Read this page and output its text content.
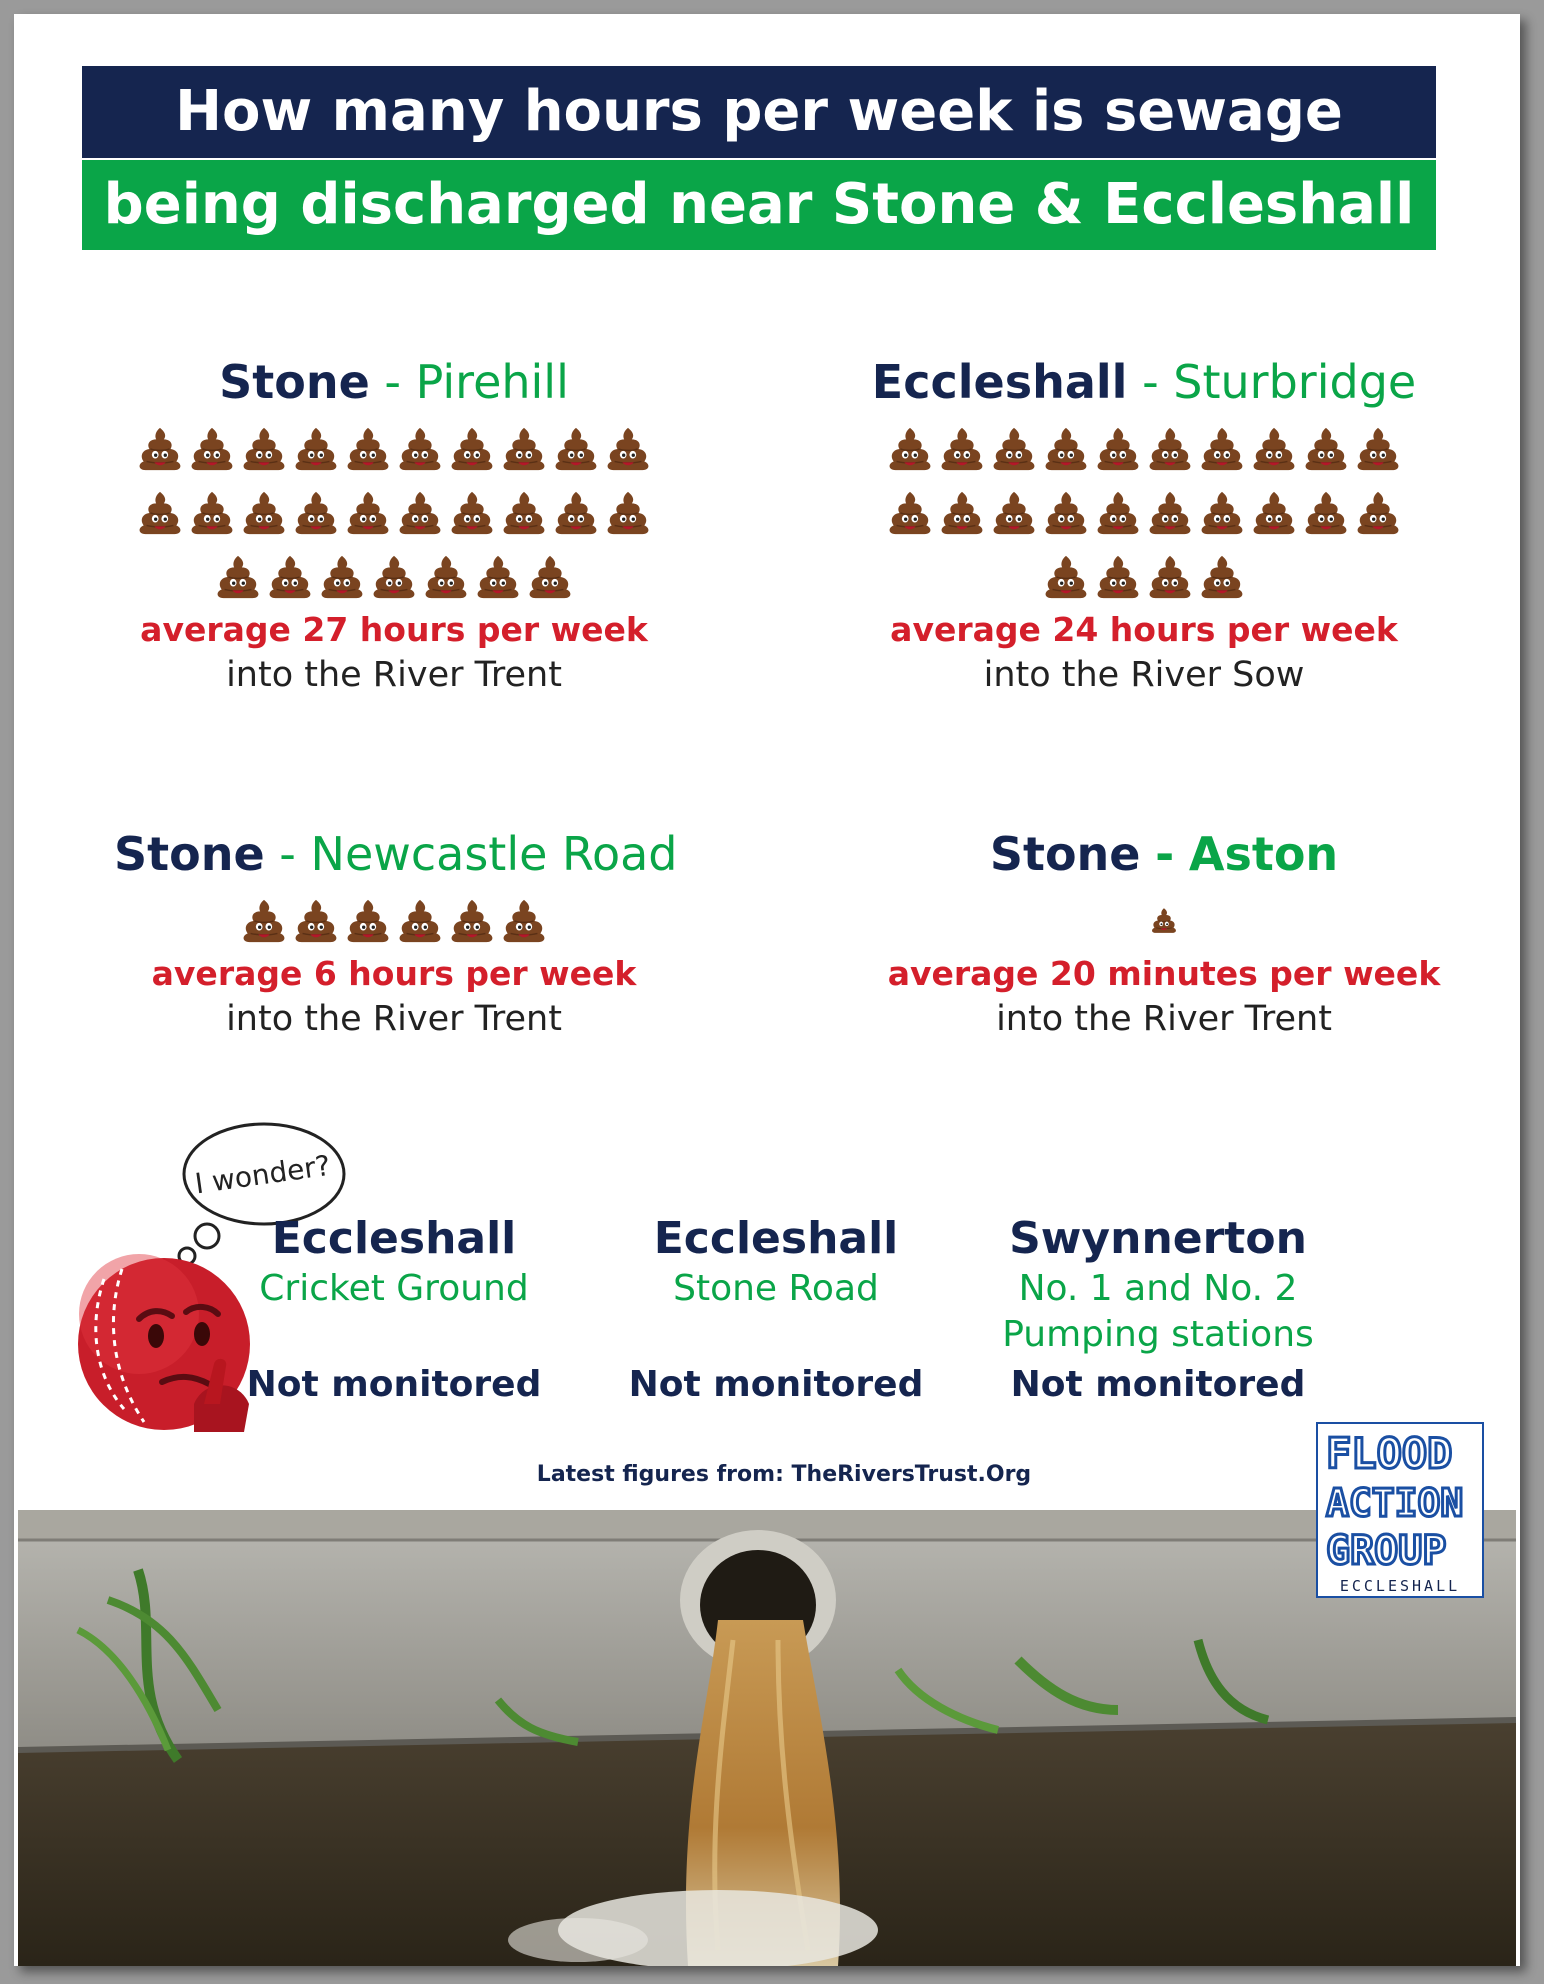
How many hours per week is sewage
being discharged near Stone & Eccleshall
Stone - Pirehill
average 27 hours per week
into the River Trent
Eccleshall - Sturbridge
average 24 hours per week
into the River Sow
Stone - Newcastle Road
average 6 hours per week
into the River Trent
Stone - Aston
average 20 minutes per week
into the River Trent
I wonder?
Eccleshall
Cricket Ground
Not monitored
Eccleshall
Stone Road
Not monitored
Swynnerton
No. 1 and No. 2
Pumping stations
Not monitored
Latest figures from: TheRiversTrust.Org	FLOOD
ACTION
GROUP
ECCLESHALL
